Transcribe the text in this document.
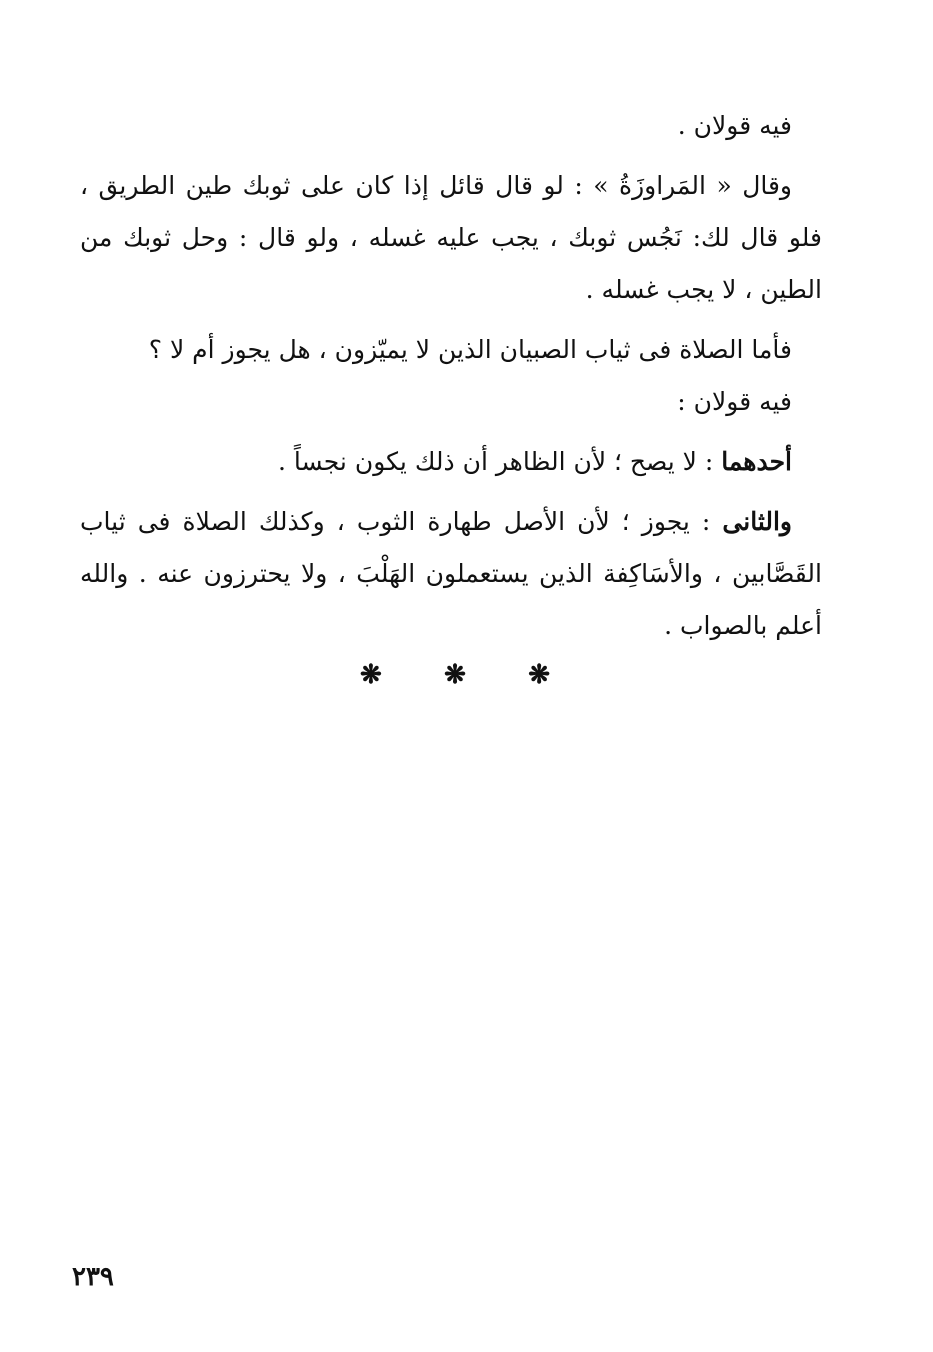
فيه قولان .

وقال « المَراوزَةُ » : لو قال قائل إذا كان على ثوبك طين الطريق ، فلو قال لك: نَجُس ثوبك ، يجب عليه غسله ، ولو قال : وحل ثوبك من الطين ، لا يجب غسله .

فأما الصلاة فى ثياب الصبيان الذين لا يميّزون ، هل يجوز أم لا ؟

فيه قولان :

أحدهما : لا يصح ؛ لأن الظاهر أن ذلك يكون نجساً .

والثانى : يجوز ؛ لأن الأصل طهارة الثوب ، وكذلك الصلاة فى ثياب القَصَّابين ، والأسَاكِفة الذين يستعملون الهَلْبَ ، ولا يحترزون عنه . والله أعلم بالصواب .

❋ ❋ ❋
٢٣٩
